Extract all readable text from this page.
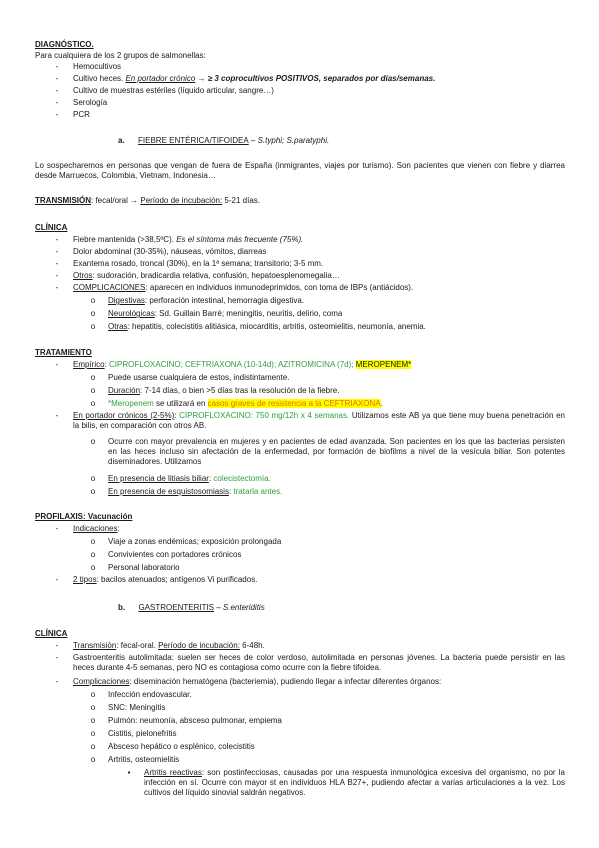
DIAGNÓSTICO.
Para cualquiera de los 2 grupos de salmonellas:
-	Hemocultivos
-	Cultivo heces. En portador crónico → ≥ 3 coprocultivos POSITIVOS, separados por días/semanas.
-	Cultivo de muestras estériles (líquido articular, sangre…)
-	Serología
-	PCR
a. FIEBRE ENTÉRICA/TIFOIDEA – S.typhi; S.paratyphi.
Lo sospecharemos en personas que vengan de fuera de España (inmigrantes, viajes por turismo). Son pacientes que vienen con fiebre y diarrea desde Marruecos, Colombia, Vietnam, Indonesia…
TRANSMISIÓN: fecal/oral → Período de incubación: 5-21 días.
CLÍNICA
-	Fiebre mantenida (>38,5ºC). Es el síntoma más frecuente (75%).
-	Dolor abdominal (30-35%), náuseas, vómitos, diarreas
-	Exantema rosado, troncal (30%), en la 1ª semana; transitorio; 3-5 mm.
-	Otros: sudoración, bradicardia relativa, confusión, hepatoesplenomegalia…
-	COMPLICACIONES: aparecen en individuos inmunodeprimidos, con toma de IBPs (antiácidos).
o	Digestivas: perforación intestinal, hemorragia digestiva.
o	Neurológicas: Sd. Guillain Barré; meningitis, neuritis, delirio, coma
o	Otras: hepatitis, colecistitis alitiásica, miocarditis, artritis, osteomielitis, neumonía, anemia.
TRATAMIENTO
-	Empírico: CIPROFLOXACINO; CEFTRIAXONA (10-14d); AZITROMICINA (7d); MEROPENEM*
o	Puede usarse cualquiera de estos, indistintamente.
o	Duración: 7-14 días, o bien >5 días tras la resolución de la fiebre.
o	*Meropenem se utilizará en casos graves de resistencia a la CEFTRIAXONA.
-	En portador crónicos (2-5%): CIPROFLOXACINO: 750 mg/12h x 4 semanas. Utilizamos este AB ya que tiene muy buena penetración en la bilis, en comparación con otros AB.
o	Ocurre con mayor prevalencia en mujeres y en pacientes de edad avanzada. Son pacientes en los que las bacterias persisten en las heces incluso sin afectación de la enfermedad, por formación de biofilms a nivel de la vesícula biliar. Son potentes diseminadores. Utilizamos
o	En presencia de litiasis biliar: colecistectomía.
o	En presencia de esquistosomiasis: tratarla antes.
PROFILAXIS: Vacunación
-	Indicaciones:
o	Viaje a zonas endémicas; exposición prolongada
o	Convivientes con portadores crónicos
o	Personal laboratorio
-	2 tipos: bacilos atenuados; antígenos Vi purificados.
b. GASTROENTERITIS – S.enteriditis
CLÍNICA
-	Transmisión: fecal-oral. Período de incubación: 6-48h.
-	Gastroenteritis autolimitada: suelen ser heces de color verdoso, autolimitada en personas jóvenes. La bacteria puede persistir en las heces durante 4-5 semanas, pero NO es contagiosa como ocurre con la fiebre tifoidea.
-	Complicaciones: diseminación hematógena (bacteriemia), pudiendo llegar a infectar diferentes órganos:
o	Infección endovascular.
o	SNC: Meningitis
o	Pulmón: neumonía, absceso pulmonar, empiema
o	Cistitis, pielonefritis
o	Absceso hepático o esplénico, colecistitis
o	Artritis, osteomielitis
▪	Artritis reactivas: son postinfecciosas, causadas por una respuesta inmunológica excesiva del organismo, no por la infección en sí. Ocurre con mayor st en individuos HLA B27+, pudiendo afectar a varias articulaciones a la vez. Los cultivos del líquido sinovial saldrán negativos.
